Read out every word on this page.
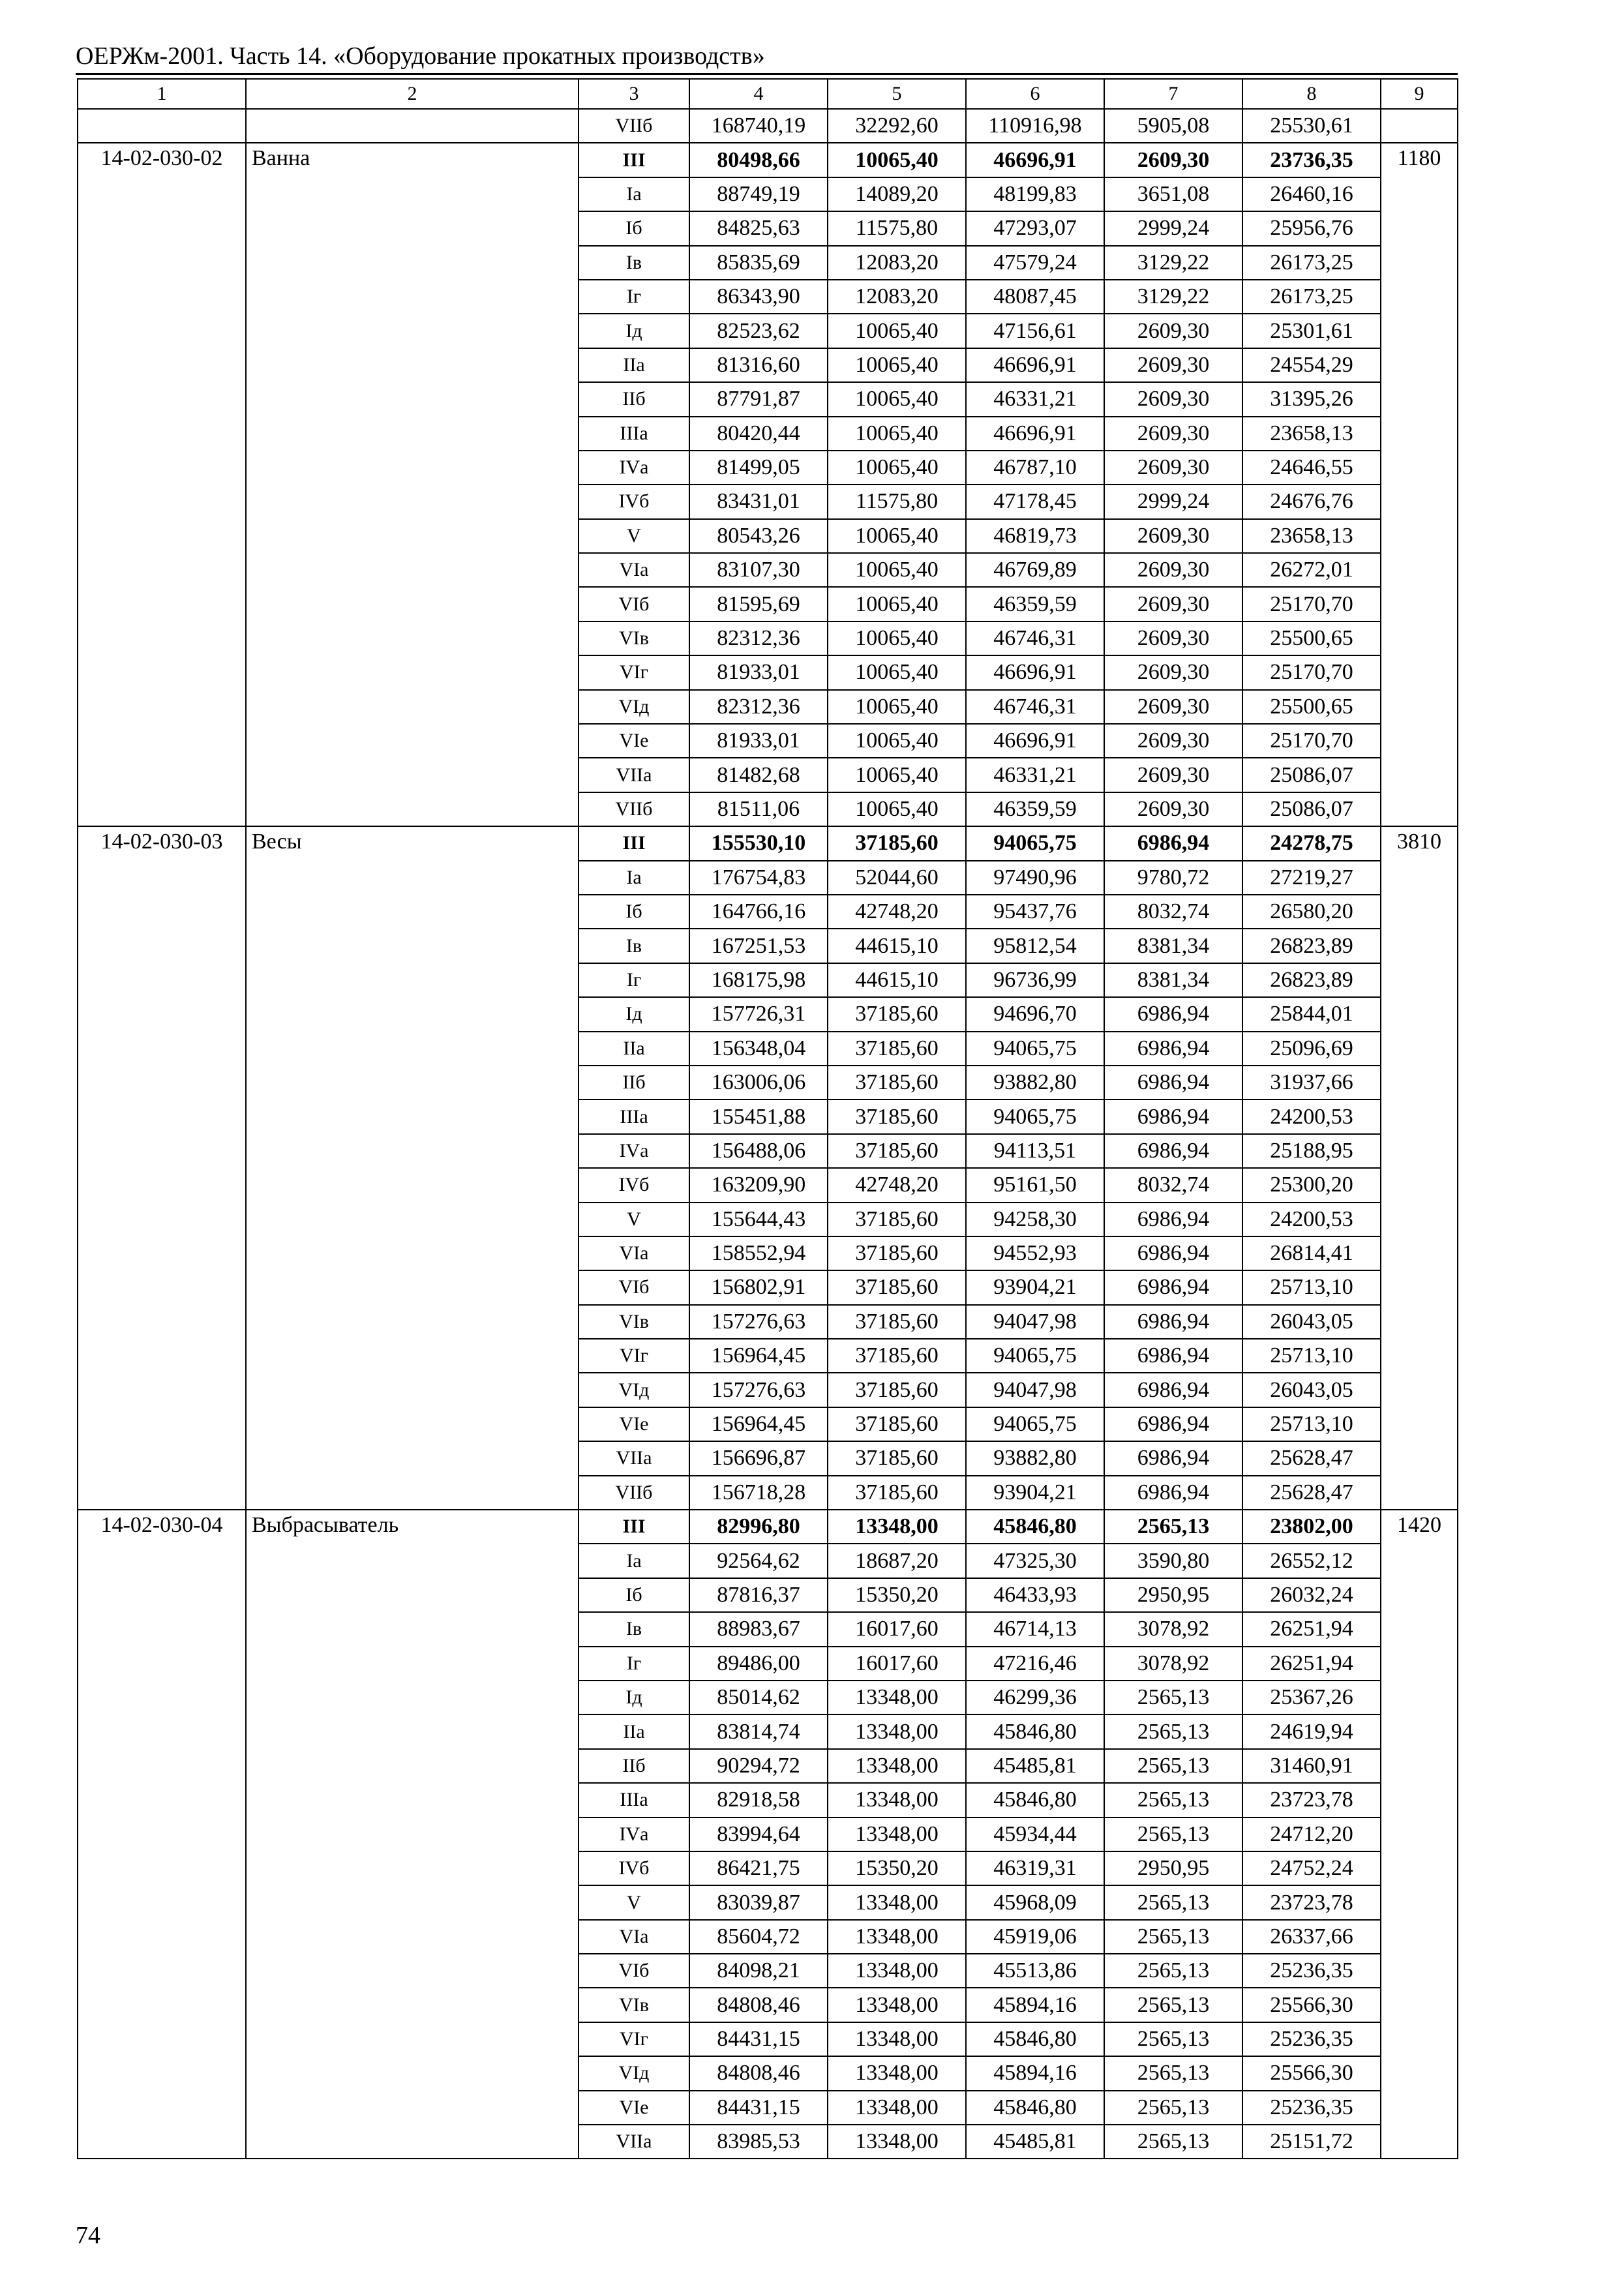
ОЕРЖм-2001. Часть 14. «Оборудование прокатных производств»
1	2	3	4	5	6	7	8	9
		VIIб	168740,19	32292,60	110916,98	5905,08	25530,61	
14-02-030-02	Ванна	III	80498,66	10065,40	46696,91	2609,30	23736,35	1180
		Iа	88749,19	14089,20	48199,83	3651,08	26460,16	
		Iб	84825,63	11575,80	47293,07	2999,24	25956,76	
		Iв	85835,69	12083,20	47579,24	3129,22	26173,25	
		Iг	86343,90	12083,20	48087,45	3129,22	26173,25	
		Iд	82523,62	10065,40	47156,61	2609,30	25301,61	
		IIа	81316,60	10065,40	46696,91	2609,30	24554,29	
		IIб	87791,87	10065,40	46331,21	2609,30	31395,26	
		IIIа	80420,44	10065,40	46696,91	2609,30	23658,13	
		IVа	81499,05	10065,40	46787,10	2609,30	24646,55	
		IVб	83431,01	11575,80	47178,45	2999,24	24676,76	
		V	80543,26	10065,40	46819,73	2609,30	23658,13	
		VIа	83107,30	10065,40	46769,89	2609,30	26272,01	
		VIб	81595,69	10065,40	46359,59	2609,30	25170,70	
		VIв	82312,36	10065,40	46746,31	2609,30	25500,65	
		VIг	81933,01	10065,40	46696,91	2609,30	25170,70	
		VIд	82312,36	10065,40	46746,31	2609,30	25500,65	
		VIе	81933,01	10065,40	46696,91	2609,30	25170,70	
		VIIа	81482,68	10065,40	46331,21	2609,30	25086,07	
		VIIб	81511,06	10065,40	46359,59	2609,30	25086,07	
14-02-030-03	Весы	III	155530,10	37185,60	94065,75	6986,94	24278,75	3810
		Iа	176754,83	52044,60	97490,96	9780,72	27219,27	
		Iб	164766,16	42748,20	95437,76	8032,74	26580,20	
		Iв	167251,53	44615,10	95812,54	8381,34	26823,89	
		Iг	168175,98	44615,10	96736,99	8381,34	26823,89	
		Iд	157726,31	37185,60	94696,70	6986,94	25844,01	
		IIа	156348,04	37185,60	94065,75	6986,94	25096,69	
		IIб	163006,06	37185,60	93882,80	6986,94	31937,66	
		IIIа	155451,88	37185,60	94065,75	6986,94	24200,53	
		IVа	156488,06	37185,60	94113,51	6986,94	25188,95	
		IVб	163209,90	42748,20	95161,50	8032,74	25300,20	
		V	155644,43	37185,60	94258,30	6986,94	24200,53	
		VIа	158552,94	37185,60	94552,93	6986,94	26814,41	
		VIб	156802,91	37185,60	93904,21	6986,94	25713,10	
		VIв	157276,63	37185,60	94047,98	6986,94	26043,05	
		VIг	156964,45	37185,60	94065,75	6986,94	25713,10	
		VIд	157276,63	37185,60	94047,98	6986,94	26043,05	
		VIе	156964,45	37185,60	94065,75	6986,94	25713,10	
		VIIа	156696,87	37185,60	93882,80	6986,94	25628,47	
		VIIб	156718,28	37185,60	93904,21	6986,94	25628,47	
14-02-030-04	Выбрасыватель	III	82996,80	13348,00	45846,80	2565,13	23802,00	1420
		Iа	92564,62	18687,20	47325,30	3590,80	26552,12	
		Iб	87816,37	15350,20	46433,93	2950,95	26032,24	
		Iв	88983,67	16017,60	46714,13	3078,92	26251,94	
		Iг	89486,00	16017,60	47216,46	3078,92	26251,94	
		Iд	85014,62	13348,00	46299,36	2565,13	25367,26	
		IIа	83814,74	13348,00	45846,80	2565,13	24619,94	
		IIб	90294,72	13348,00	45485,81	2565,13	31460,91	
		IIIа	82918,58	13348,00	45846,80	2565,13	23723,78	
		IVа	83994,64	13348,00	45934,44	2565,13	24712,20	
		IVб	86421,75	15350,20	46319,31	2950,95	24752,24	
		V	83039,87	13348,00	45968,09	2565,13	23723,78	
		VIа	85604,72	13348,00	45919,06	2565,13	26337,66	
		VIб	84098,21	13348,00	45513,86	2565,13	25236,35	
		VIв	84808,46	13348,00	45894,16	2565,13	25566,30	
		VIг	84431,15	13348,00	45846,80	2565,13	25236,35	
		VIд	84808,46	13348,00	45894,16	2565,13	25566,30	
		VIе	84431,15	13348,00	45846,80	2565,13	25236,35	
		VIIа	83985,53	13348,00	45485,81	2565,13	25151,72	
74
